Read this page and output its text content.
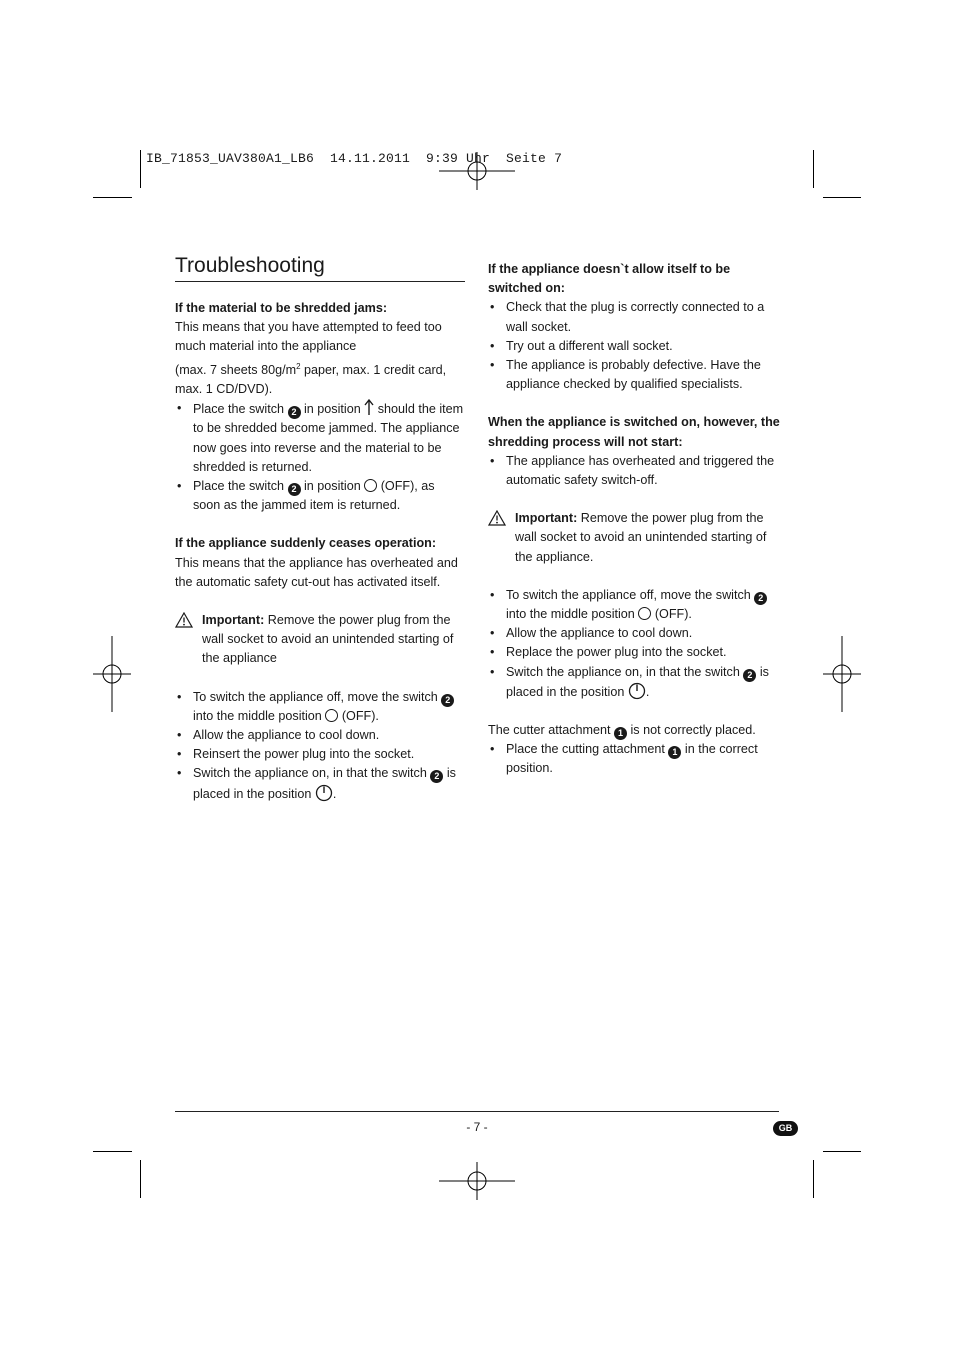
IB_71853_UAV380A1_LB6  14.11.2011  9:39 Uhr  Seite 7
Troubleshooting

If the material to be shredded jams:

This means that you have attempted to feed too much material into the appliance

(max. 7 sheets $80g/m^2$ paper, max. 1 credit card, max. 1 CD/DVD).

• Place the switch 2 in position  should the item to be shredded become jammed. The appliance now goes into reverse and the material to be shredded is returned.
• Place the switch 2 in position  (OFF), as soon as the jammed item is returned.

If the appliance suddenly ceases operation:

This means that the appliance has overheated and the automatic safety cut-out has activated itself.

Important: Remove the power plug from the wall socket to avoid an unintended starting of the appliance
• To switch the appliance off, move the switch 2 into the middle position  (OFF).
• Allow the appliance to cool down.
• Reinsert the power plug into the socket.
• Switch the appliance on, in that the switch 2 is placed in the position .

If the appliance doesn`t allow itself to be switched on:

• Check that the plug is correctly connected to a wall socket.
• Try out a different wall socket.
• The appliance is probably defective. Have the appliance checked by qualified specialists.

When the appliance is switched on, however, the shredding process will not start:

• The appliance has overheated and triggered the automatic safety switch-off.
Important: Remove the power plug from the wall socket to avoid an unintended starting of the appliance.
• To switch the appliance off, move the switch 2 into the middle position  (OFF).
• Allow the appliance to cool down.
• Replace the power plug into the socket.
• Switch the appliance on, in that the switch 2 is placed in the position .

The cutter attachment 1 is not correctly placed.

• Place the cutting attachment 1 in the correct position.
- 7 -	GB
